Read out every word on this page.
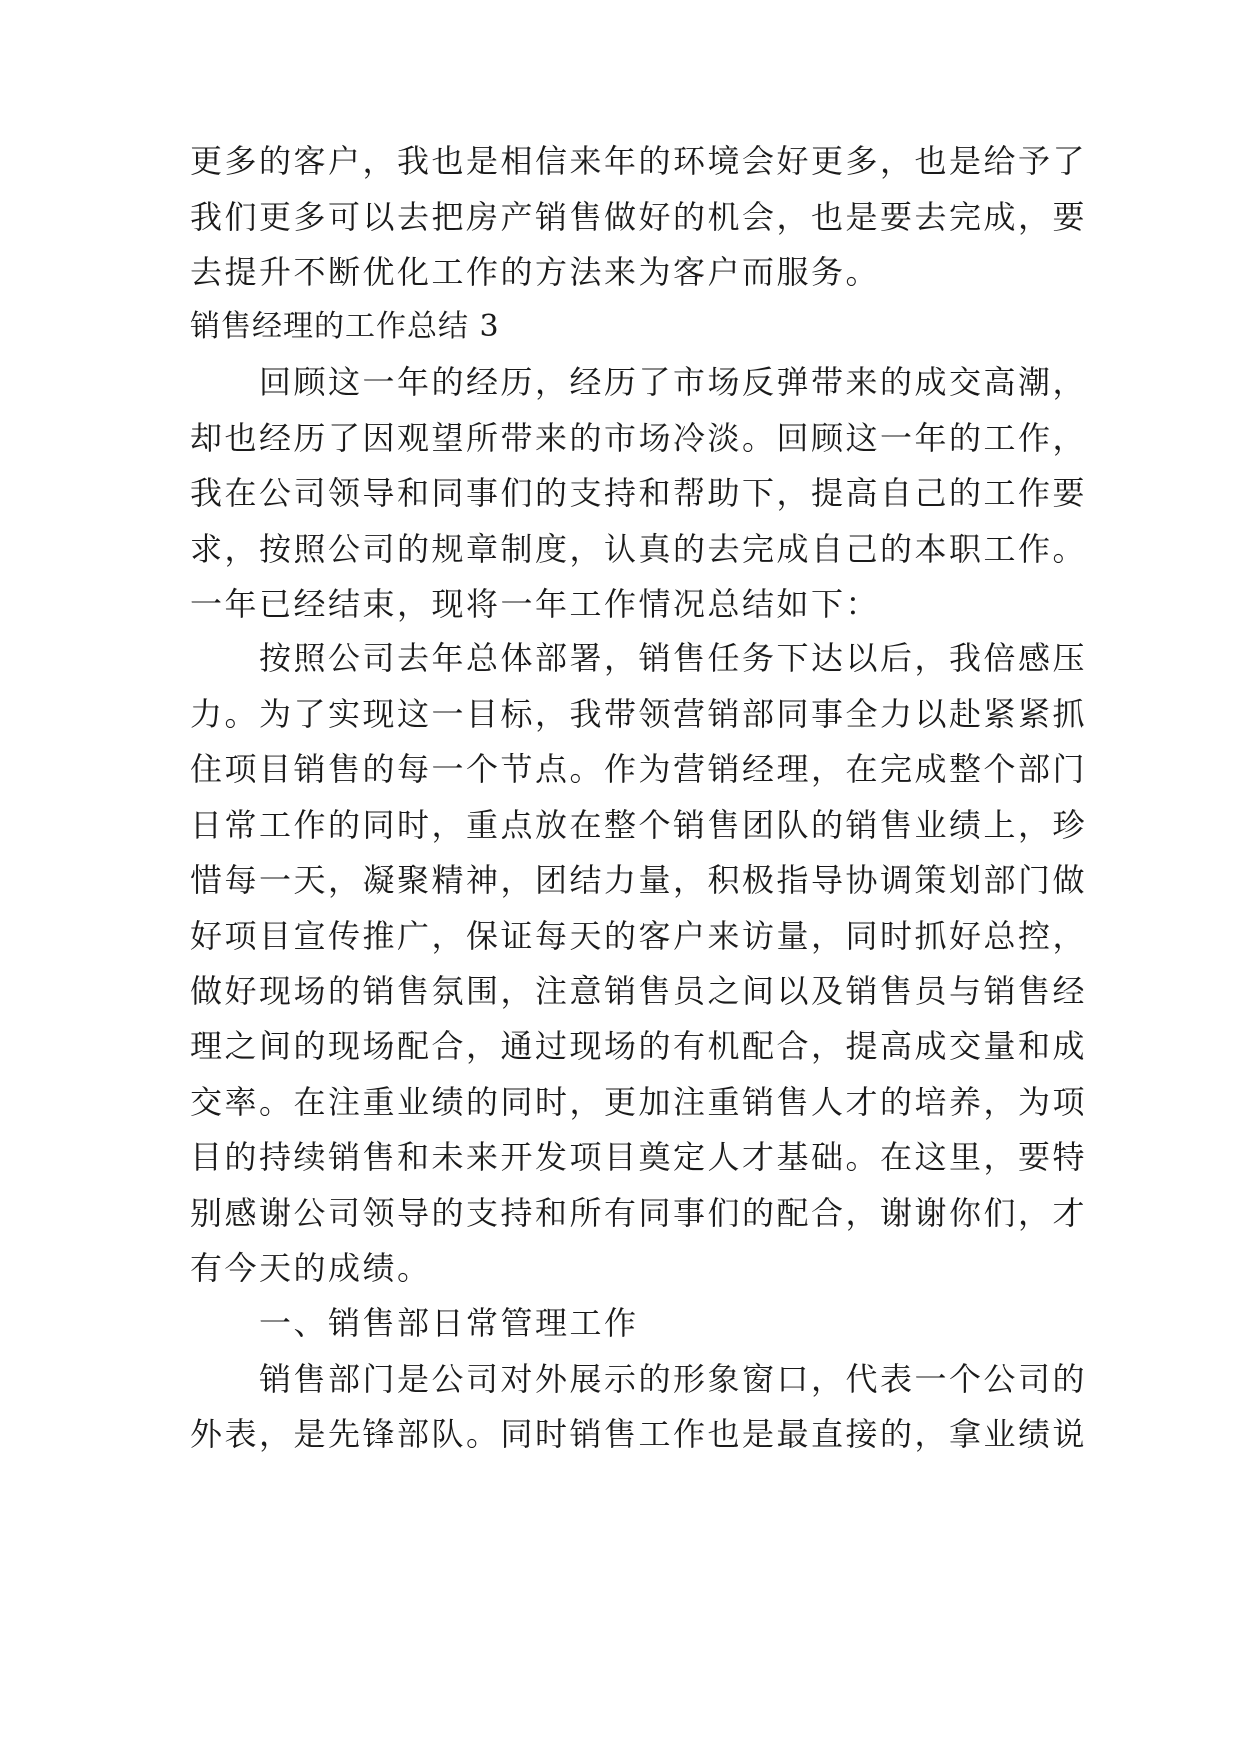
更多的客户，我也是相信来年的环境会好更多，也是给予了
我们更多可以去把房产销售做好的机会，也是要去完成，要
去提升不断优化工作的方法来为客户而服务。
销售经理的工作总结 3
　　回顾这一年的经历，经历了市场反弹带来的成交高潮，
却也经历了因观望所带来的市场冷淡。回顾这一年的工作，
我在公司领导和同事们的支持和帮助下，提高自己的工作要
求，按照公司的规章制度，认真的去完成自己的本职工作。
一年已经结束，现将一年工作情况总结如下：
　　按照公司去年总体部署，销售任务下达以后，我倍感压
力。为了实现这一目标，我带领营销部同事全力以赴紧紧抓
住项目销售的每一个节点。作为营销经理，在完成整个部门
日常工作的同时，重点放在整个销售团队的销售业绩上，珍
惜每一天，凝聚精神，团结力量，积极指导协调策划部门做
好项目宣传推广，保证每天的客户来访量，同时抓好总控，
做好现场的销售氛围，注意销售员之间以及销售员与销售经
理之间的现场配合，通过现场的有机配合，提高成交量和成
交率。在注重业绩的同时，更加注重销售人才的培养，为项
目的持续销售和未来开发项目奠定人才基础。在这里，要特
别感谢公司领导的支持和所有同事们的配合，谢谢你们，才
有今天的成绩。
　　一、销售部日常管理工作
　　销售部门是公司对外展示的形象窗口，代表一个公司的
外表，是先锋部队。同时销售工作也是最直接的，拿业绩说
